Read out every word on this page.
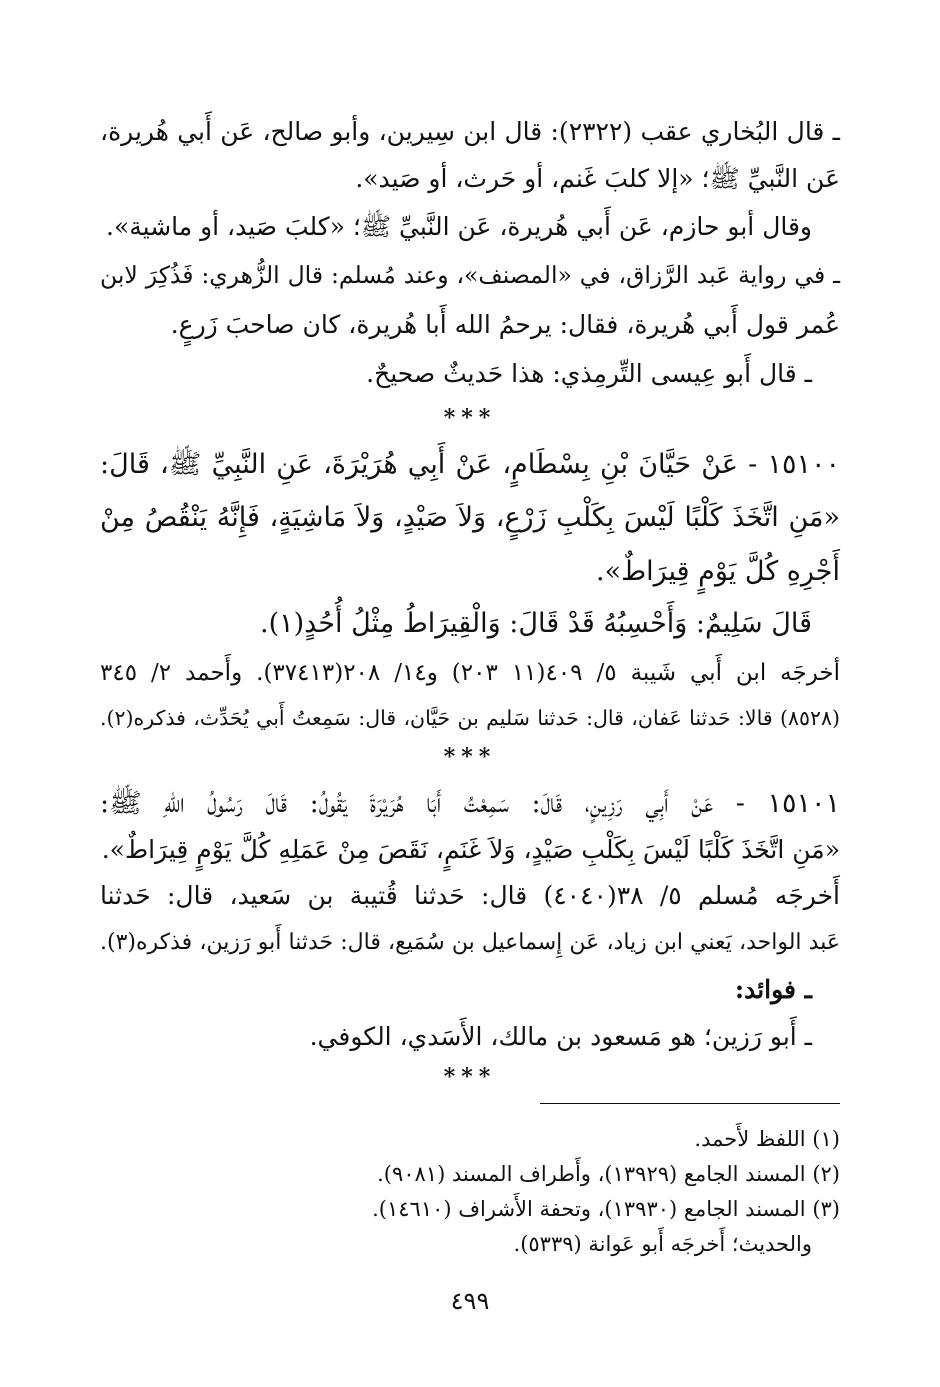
ـ قال البُخاري عقب (٢٣٢٢): قال ابن سِيرين، وأبو صالح، عَن أَبي هُريرة،
عَن النَّبيِّ ﷺ؛ «إلا كلبَ غَنم، أو حَرث، أو صَيد».
وقال أبو حازم، عَن أَبي هُريرة، عَن النَّبيِّ ﷺ؛ «كلبَ صَيد، أو ماشية».
ـ في رواية عَبد الرَّزاق، في «المصنف»، وعند مُسلم: قال الزُّهري: فَذُكِرَ لابن
عُمر قول أَبي هُريرة، فقال: يرحمُ الله أَبا هُريرة، كان صاحبَ زَرعٍ.
ـ قال أَبو عِيسى التِّرمِذي: هذا حَديثٌ صحيحٌ.
***
١٥١٠٠ - عَنْ حَيَّانَ بْنِ بِسْطَامٍ، عَنْ أَبِي هُرَيْرَةَ، عَنِ النَّبِيِّ ﷺ، قَالَ:
«مَنِ اتَّخَذَ كَلْبًا لَيْسَ بِكَلْبِ زَرْعٍ، وَلاَ صَيْدٍ، وَلاَ مَاشِيَةٍ، فَإِنَّهُ يَنْقُصُ مِنْ
أَجْرِهِ كُلَّ يَوْمٍ قِيرَاطٌ».
قَالَ سَلِيمٌ: وَأَحْسِبُهُ قَدْ قَالَ: وَالْقِيرَاطُ مِثْلُ أُحُدٍ(١).
أخرجَه ابن أَبي شَيبة ٥/ ٤٠٩(١١ ٢٠٣) و١٤/ ٢٠٨(٣٧٤١٣). وأَحمد ٢/ ٣٤٥
(٨٥٢٨) قالا: حَدثنا عَفان، قال: حَدثنا سَليم بن حَيَّان، قال: سَمِعتُ أَبي يُحَدِّث، فذكره(٢).
***
١٥١٠١ - عَنْ أَبِي رَزِينٍ، قَالَ: سَمِعْتُ أَبَا هُرَيْرَةَ يَقُولُ: قَالَ رَسُولُ اللهِ ﷺ:
«مَنِ اتَّخَذَ كَلْبًا لَيْسَ بِكَلْبِ صَيْدٍ، وَلاَ غَنَمٍ، نَقَصَ مِنْ عَمَلِهِ كُلَّ يَوْمٍ قِيرَاطٌ».
أَخرجَه مُسلم ٥/ ٣٨(٤٠٤٠) قال: حَدثنا قُتيبة بن سَعيد، قال: حَدثنا
عَبد الواحد، يَعني ابن زياد، عَن إِسماعيل بن سُمَيع، قال: حَدثنا أَبو رَزين، فذكره(٣).
ـ فوائد:
ـ أَبو رَزين؛ هو مَسعود بن مالك، الأَسَدي، الكوفي.
***
(١) اللفظ لأَحمد.
(٢) المسند الجامع (١٣٩٢٩)، وأَطراف المسند (٩٠٨١).
(٣) المسند الجامع (١٣٩٣٠)، وتحفة الأَشراف (١٤٦١٠).
والحديث؛ أَخرجَه أَبو عَوانة (٥٣٣٩).
٤٩٩
